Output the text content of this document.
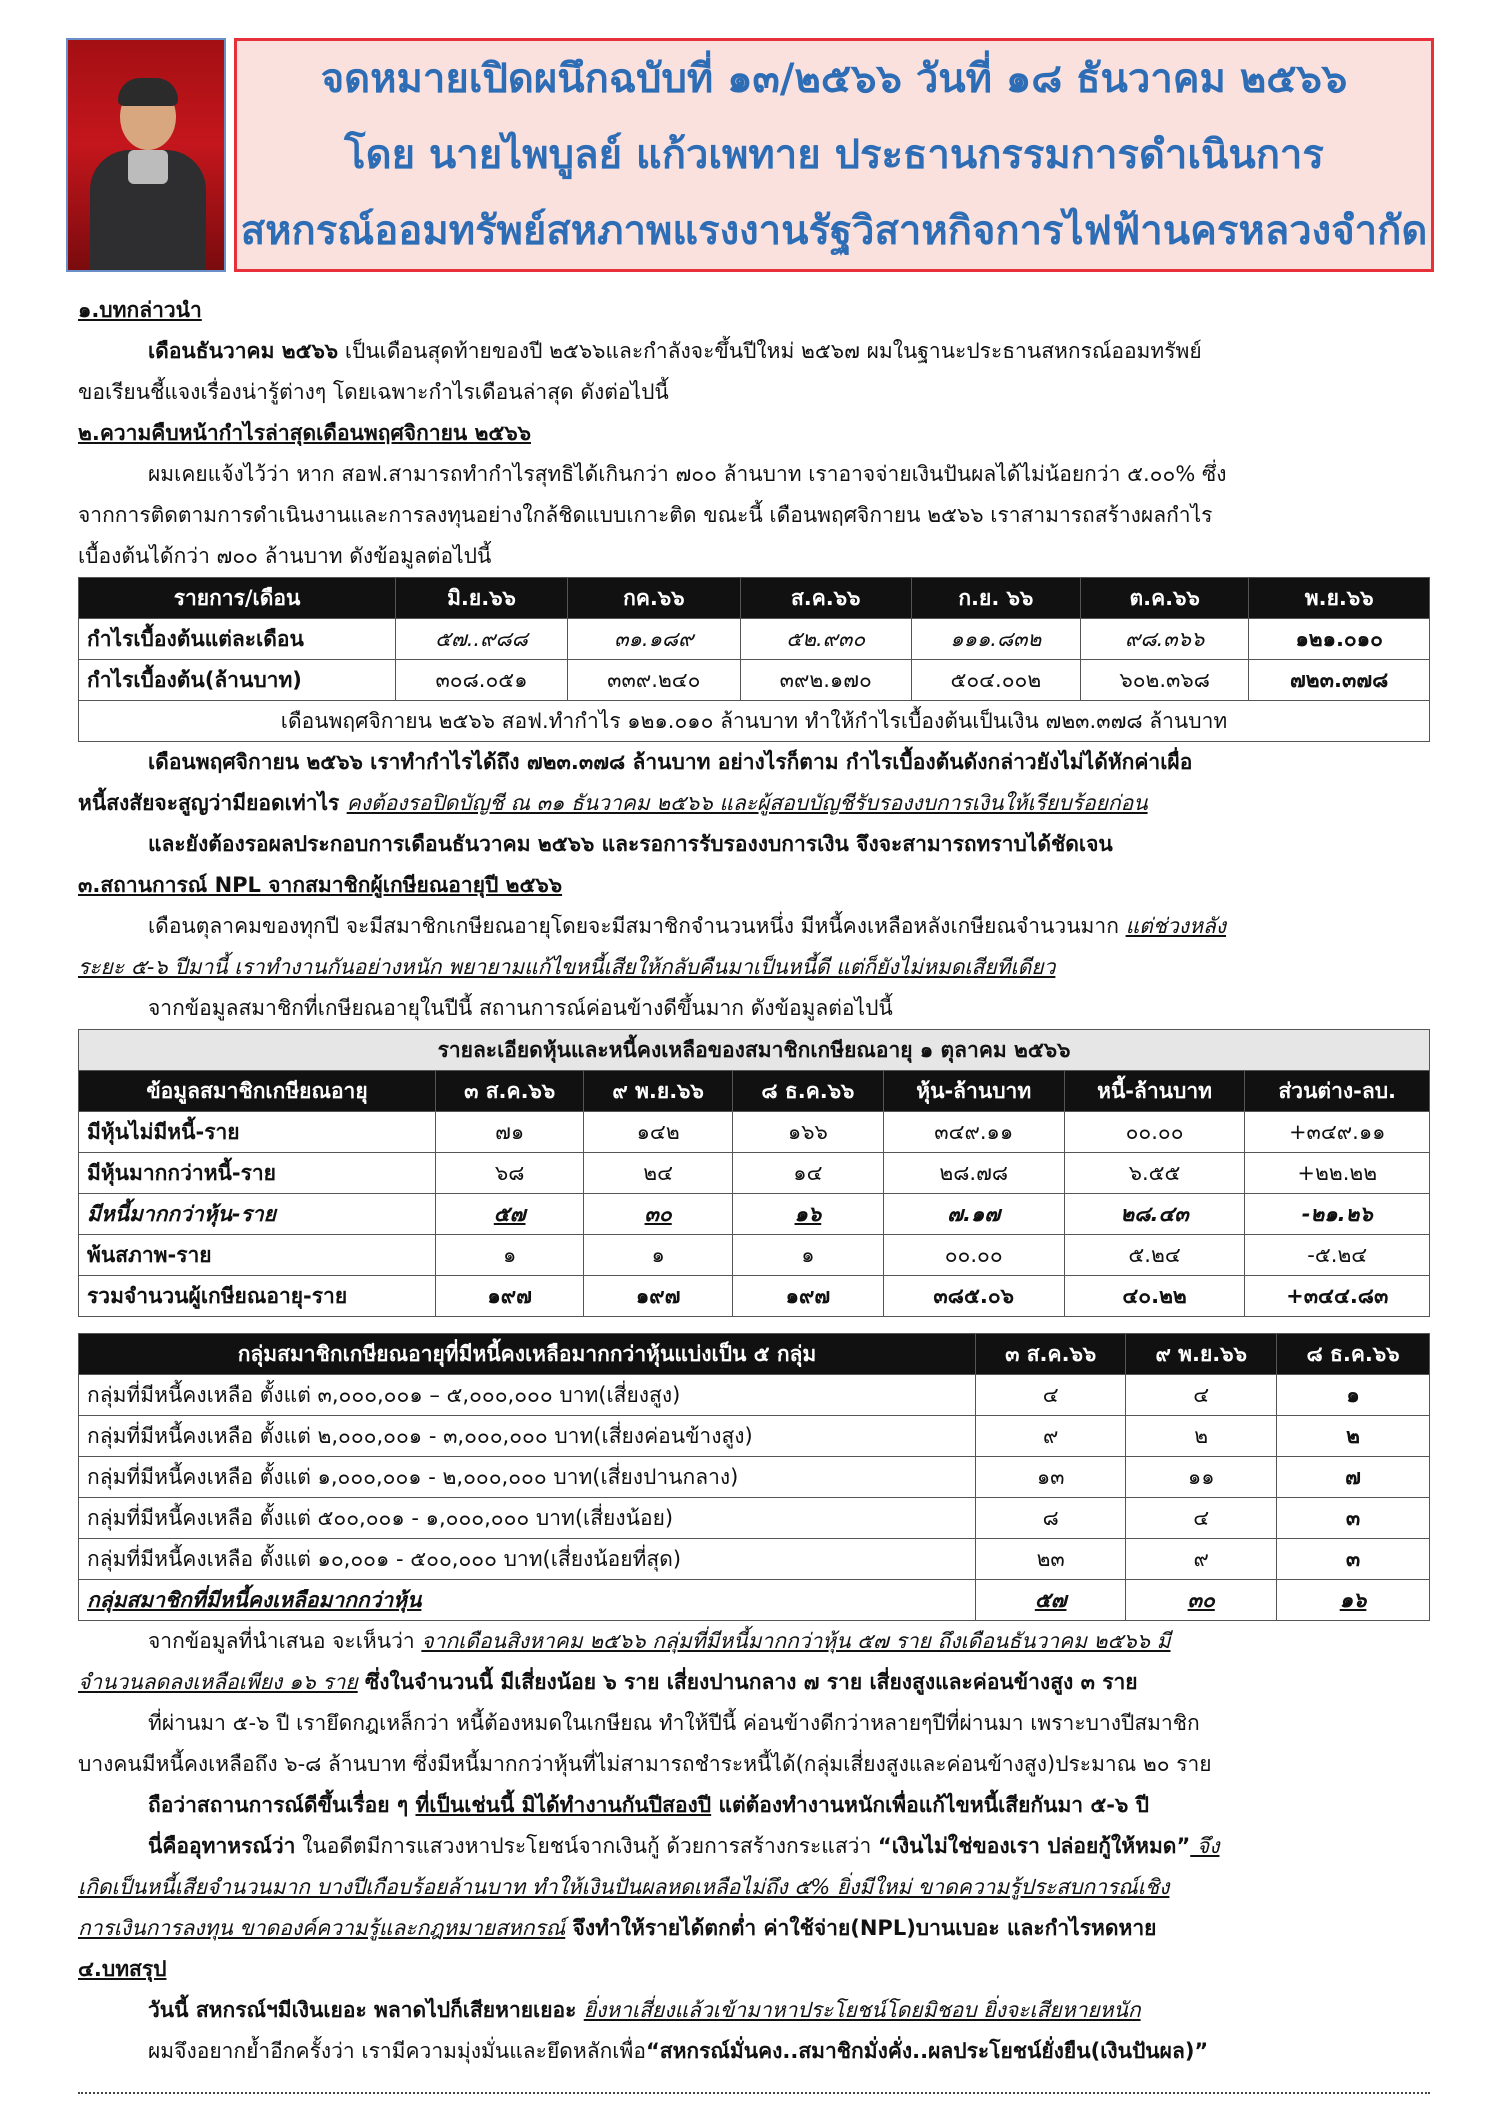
จดหมายเปิดผนึกฉบับที่ ๑๓/๒๕๖๖ วันที่ ๑๘ ธันวาคม ๒๕๖๖
โดย นายไพบูลย์ แก้วเพทาย ประธานกรรมการดำเนินการ
สหกรณ์ออมทรัพย์สหภาพแรงงานรัฐวิสาหกิจการไฟฟ้านครหลวงจำกัด
๑.บทกล่าวนำ
เดือนธันวาคม ๒๕๖๖ เป็นเดือนสุดท้ายของปี ๒๕๖๖และกำลังจะขึ้นปีใหม่ ๒๕๖๗ ผมในฐานะประธานสหกรณ์ออมทรัพย์
ขอเรียนชี้แจงเรื่องน่ารู้ต่างๆ โดยเฉพาะกำไรเดือนล่าสุด ดังต่อไปนี้
๒.ความคืบหน้ากำไรล่าสุดเดือนพฤศจิกายน ๒๕๖๖
ผมเคยแจ้งไว้ว่า หาก สอฟ.สามารถทำกำไรสุทธิได้เกินกว่า ๗๐๐ ล้านบาท เราอาจจ่ายเงินปันผลได้ไม่น้อยกว่า ๕.๐๐% ซึ่ง
จากการติดตามการดำเนินงานและการลงทุนอย่างใกล้ชิดแบบเกาะติด ขณะนี้ เดือนพฤศจิกายน ๒๕๖๖ เราสามารถสร้างผลกำไร
เบื้องต้นได้กว่า ๗๐๐ ล้านบาท ดังข้อมูลต่อไปนี้
รายการ/เดือน	มิ.ย.๖๖	กค.๖๖	ส.ค.๖๖	ก.ย. ๖๖	ต.ค.๖๖	พ.ย.๖๖
กำไรเบื้องต้นแต่ละเดือน	๕๗..๙๘๘	๓๑.๑๘๙	๕๒.๙๓๐	๑๑๑.๘๓๒	๙๘.๓๖๖	๑๒๑.๐๑๐
กำไรเบื้องต้น(ล้านบาท)	๓๐๘.๐๕๑	๓๓๙.๒๔๐	๓๙๒.๑๗๐	๕๐๔.๐๐๒	๖๐๒.๓๖๘	๗๒๓.๓๗๘
เดือนพฤศจิกายน ๒๕๖๖ สอฟ.ทำกำไร ๑๒๑.๐๑๐ ล้านบาท ทำให้กำไรเบื้องต้นเป็นเงิน ๗๒๓.๓๗๘ ล้านบาท						
เดือนพฤศจิกายน ๒๕๖๖ เราทำกำไรได้ถึง ๗๒๓.๓๗๘ ล้านบาท อย่างไรก็ตาม กำไรเบื้องต้นดังกล่าวยังไม่ได้หักค่าเผื่อ
หนี้สงสัยจะสูญว่ามียอดเท่าไร คงต้องรอปิดบัญชี ณ ๓๑ ธันวาคม ๒๕๖๖ และผู้สอบบัญชีรับรองงบการเงินให้เรียบร้อยก่อน
และยังต้องรอผลประกอบการเดือนธันวาคม ๒๕๖๖ และรอการรับรองงบการเงิน จึงจะสามารถทราบได้ชัดเจน
๓.สถานการณ์ NPL จากสมาชิกผู้เกษียณอายุปี ๒๕๖๖
เดือนตุลาคมของทุกปี จะมีสมาชิกเกษียณอายุโดยจะมีสมาชิกจำนวนหนึ่ง มีหนี้คงเหลือหลังเกษียณจำนวนมาก แต่ช่วงหลัง
ระยะ ๕-๖ ปีมานี้ เราทำงานกันอย่างหนัก พยายามแก้ไขหนี้เสียให้กลับคืนมาเป็นหนี้ดี แต่ก็ยังไม่หมดเสียทีเดียว
จากข้อมูลสมาชิกที่เกษียณอายุในปีนี้ สถานการณ์ค่อนข้างดีขึ้นมาก ดังข้อมูลต่อไปนี้
รายละเอียดหุ้นและหนี้คงเหลือของสมาชิกเกษียณอายุ ๑ ตุลาคม ๒๕๖๖						
ข้อมูลสมาชิกเกษียณอายุ	๓ ส.ค.๖๖	๙ พ.ย.๖๖	๘ ธ.ค.๖๖	หุ้น-ล้านบาท	หนี้-ล้านบาท	ส่วนต่าง-ลบ.
มีหุ้นไม่มีหนี้-ราย	๗๑	๑๔๒	๑๖๖	๓๔๙.๑๑	๐๐.๐๐	+๓๔๙.๑๑
มีหุ้นมากกว่าหนี้-ราย	๖๘	๒๔	๑๔	๒๘.๗๘	๖.๕๕	+๒๒.๒๒
มีหนี้มากกว่าหุ้น-ราย	๕๗	๓๐	๑๖	๗.๑๗	๒๘.๔๓	-๒๑.๒๖
พ้นสภาพ-ราย	๑	๑	๑	๐๐.๐๐	๕.๒๔	-๕.๒๔
รวมจำนวนผู้เกษียณอายุ-ราย	๑๙๗	๑๙๗	๑๙๗	๓๘๕.๐๖	๔๐.๒๒	+๓๔๔.๘๓
กลุ่มสมาชิกเกษียณอายุที่มีหนี้คงเหลือมากกว่าหุ้นแบ่งเป็น ๕ กลุ่ม	๓ ส.ค.๖๖	๙ พ.ย.๖๖	๘ ธ.ค.๖๖
กลุ่มที่มีหนี้คงเหลือ ตั้งแต่ ๓,๐๐๐,๐๐๑ – ๕,๐๐๐,๐๐๐ บาท(เสี่ยงสูง)	๔	๔	๑
กลุ่มที่มีหนี้คงเหลือ ตั้งแต่ ๒,๐๐๐,๐๐๑ - ๓,๐๐๐,๐๐๐ บาท(เสี่ยงค่อนข้างสูง)	๙	๒	๒
กลุ่มที่มีหนี้คงเหลือ ตั้งแต่ ๑,๐๐๐,๐๐๑ - ๒,๐๐๐,๐๐๐ บาท(เสี่ยงปานกลาง)	๑๓	๑๑	๗
กลุ่มที่มีหนี้คงเหลือ ตั้งแต่ ๕๐๐,๐๐๑ - ๑,๐๐๐,๐๐๐ บาท(เสี่ยงน้อย)	๘	๔	๓
กลุ่มที่มีหนี้คงเหลือ ตั้งแต่ ๑๐,๐๐๑ - ๕๐๐,๐๐๐ บาท(เสี่ยงน้อยที่สุด)	๒๓	๙	๓
กลุ่มสมาชิกที่มีหนี้คงเหลือมากกว่าหุ้น	๕๗	๓๐	๑๖
จากข้อมูลที่นำเสนอ จะเห็นว่า จากเดือนสิงหาคม ๒๕๖๖ กลุ่มที่มีหนี้มากกว่าหุ้น ๕๗ ราย ถึงเดือนธันวาคม ๒๕๖๖ มี
จำนวนลดลงเหลือเพียง ๑๖ ราย ซึ่งในจำนวนนี้ มีเสี่ยงน้อย ๖ ราย เสี่ยงปานกลาง ๗ ราย เสี่ยงสูงและค่อนข้างสูง ๓ ราย
ที่ผ่านมา ๕-๖ ปี เรายึดกฎเหล็กว่า หนี้ต้องหมดในเกษียณ ทำให้ปีนี้ ค่อนข้างดีกว่าหลายๆปีที่ผ่านมา เพราะบางปีสมาชิก
บางคนมีหนี้คงเหลือถึง ๖-๘ ล้านบาท ซึ่งมีหนี้มากกว่าหุ้นที่ไม่สามารถชำระหนี้ได้(กลุ่มเสี่ยงสูงและค่อนข้างสูง)ประมาณ ๒๐ ราย
ถือว่าสถานการณ์ดีขึ้นเรื่อย ๆ ที่เป็นเช่นนี้ มิได้ทำงานกันปีสองปี แต่ต้องทำงานหนักเพื่อแก้ไขหนี้เสียกันมา ๕-๖ ปี
นี่คืออุทาหรณ์ว่า ในอดีตมีการแสวงหาประโยชน์จากเงินกู้ ด้วยการสร้างกระแสว่า “เงินไม่ใช่ของเรา ปล่อยกู้ให้หมด” จึง
เกิดเป็นหนี้เสียจำนวนมาก บางปีเกือบร้อยล้านบาท ทำให้เงินปันผลหดเหลือไม่ถึง ๕% ยิ่งมีใหม่ ขาดความรู้ประสบการณ์เชิง
การเงินการลงทุน ขาดองค์ความรู้และกฎหมายสหกรณ์ จึงทำให้รายได้ตกต่ำ ค่าใช้จ่าย(NPL)บานเบอะ และกำไรหดหาย
๔.บทสรุป
วันนี้ สหกรณ์ฯมีเงินเยอะ พลาดไปก็เสียหายเยอะ ยิ่งหาเสี่ยงแล้วเข้ามาหาประโยชน์โดยมิชอบ ยิ่งจะเสียหายหนัก
ผมจึงอยากย้ำอีกครั้งว่า เรามีความมุ่งมั่นและยึดหลักเพื่อ“สหกรณ์มั่นคง..สมาชิกมั่งคั่ง..ผลประโยชน์ยั่งยืน(เงินปันผล)”
